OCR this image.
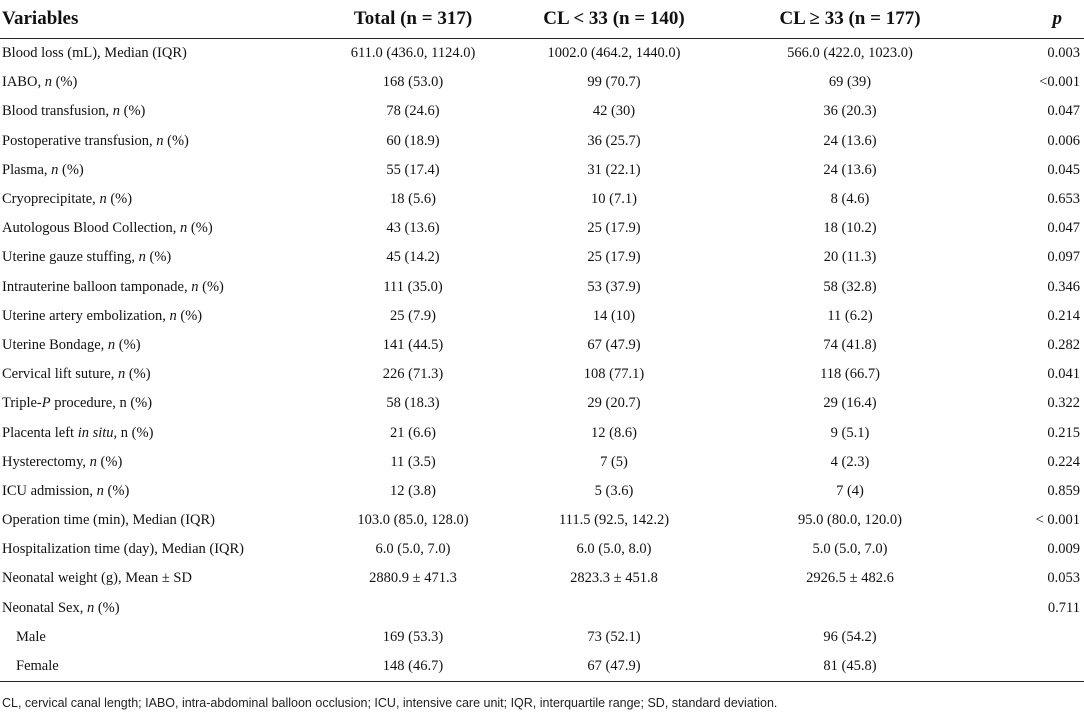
Variables	Total (n = 317)	CL < 33 (n = 140)	CL ≥ 33 (n = 177)	p
Blood loss (mL), Median (IQR)	611.0 (436.0, 1124.0)	1002.0 (464.2, 1440.0)	566.0 (422.0, 1023.0)	0.003
IABO, n (%)	168 (53.0)	99 (70.7)	69 (39)	<0.001
Blood transfusion, n (%)	78 (24.6)	42 (30)	36 (20.3)	0.047
Postoperative transfusion, n (%)	60 (18.9)	36 (25.7)	24 (13.6)	0.006
Plasma, n (%)	55 (17.4)	31 (22.1)	24 (13.6)	0.045
Cryoprecipitate, n (%)	18 (5.6)	10 (7.1)	8 (4.6)	0.653
Autologous Blood Collection, n (%)	43 (13.6)	25 (17.9)	18 (10.2)	0.047
Uterine gauze stuffing, n (%)	45 (14.2)	25 (17.9)	20 (11.3)	0.097
Intrauterine balloon tamponade, n (%)	111 (35.0)	53 (37.9)	58 (32.8)	0.346
Uterine artery embolization, n (%)	25 (7.9)	14 (10)	11 (6.2)	0.214
Uterine Bondage, n (%)	141 (44.5)	67 (47.9)	74 (41.8)	0.282
Cervical lift suture, n (%)	226 (71.3)	108 (77.1)	118 (66.7)	0.041
Triple-P procedure, n (%)	58 (18.3)	29 (20.7)	29 (16.4)	0.322
Placenta left in situ, n (%)	21 (6.6)	12 (8.6)	9 (5.1)	0.215
Hysterectomy, n (%)	11 (3.5)	7 (5)	4 (2.3)	0.224
ICU admission, n (%)	12 (3.8)	5 (3.6)	7 (4)	0.859
Operation time (min), Median (IQR)	103.0 (85.0, 128.0)	111.5 (92.5, 142.2)	95.0 (80.0, 120.0)	< 0.001
Hospitalization time (day), Median (IQR)	6.0 (5.0, 7.0)	6.0 (5.0, 8.0)	5.0 (5.0, 7.0)	0.009
Neonatal weight (g), Mean ± SD	2880.9 ± 471.3	2823.3 ± 451.8	2926.5 ± 482.6	0.053
Neonatal Sex, n (%)				0.711
Male	169 (53.3)	73 (52.1)	96 (54.2)	
Female	148 (46.7)	67 (47.9)	81 (45.8)	
CL, cervical canal length; IABO, intra-abdominal balloon occlusion; ICU, intensive care unit; IQR, interquartile range; SD, standard deviation.
